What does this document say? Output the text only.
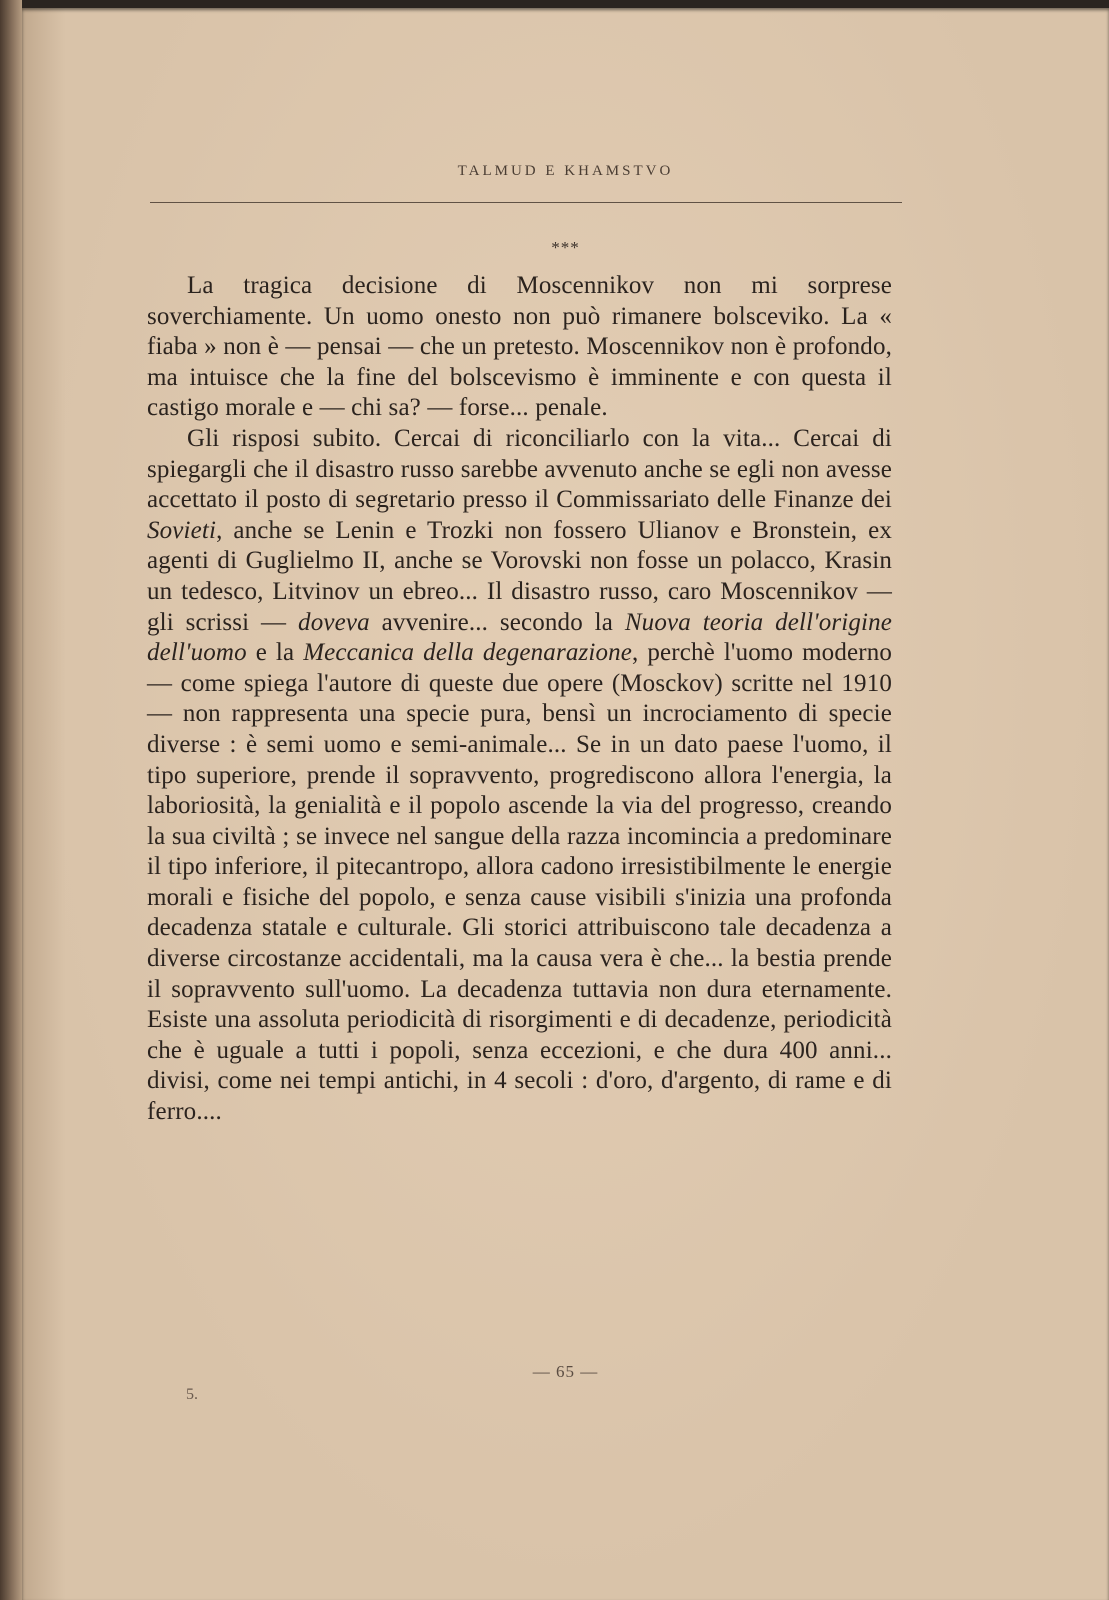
TALMUD E KHAMSTVO
***

La tragica decisione di Moscennikov non mi sorprese soverchiamente. Un uomo onesto non può rimanere bolsceviko. La « fiaba » non è — pensai — che un pretesto. Moscennikov non è profondo, ma intuisce che la fine del bolscevismo è imminente e con questa il castigo morale e — chi sa? — forse... penale.

Gli risposi subito. Cercai di riconciliarlo con la vita... Cercai di spiegargli che il disastro russo sarebbe avvenuto anche se egli non avesse accettato il posto di segretario presso il Commissariato delle Finanze dei Sovieti, anche se Lenin e Trozki non fossero Ulianov e Bronstein, ex agenti di Guglielmo II, anche se Vorovski non fosse un polacco, Krasin un tedesco, Litvinov un ebreo... Il disastro russo, caro Moscennikov — gli scrissi — doveva avvenire... secondo la Nuova teoria dell'origine dell'uomo e la Meccanica della degenarazione, perchè l'uomo moderno — come spiega l'autore di queste due opere (Mosckov) scritte nel 1910 — non rappresenta una specie pura, bensì un incrociamento di specie diverse : è semi uomo e semi-animale... Se in un dato paese l'uomo, il tipo superiore, prende il sopravvento, progrediscono allora l'energia, la laboriosità, la genialità e il popolo ascende la via del progresso, creando la sua civiltà ; se invece nel sangue della razza incomincia a predominare il tipo inferiore, il pitecantropo, allora cadono irresistibilmente le energie morali e fisiche del popolo, e senza cause visibili s'inizia una profonda decadenza statale e culturale. Gli storici attribuiscono tale decadenza a diverse circostanze accidentali, ma la causa vera è che... la bestia prende il sopravvento sull'uomo. La decadenza tuttavia non dura eternamente. Esiste una assoluta periodicità di risorgimenti e di decadenze, periodicità che è uguale a tutti i popoli, senza eccezioni, e che dura 400 anni... divisi, come nei tempi antichi, in 4 secoli : d'oro, d'argento, di rame e di ferro....

— 65 —
5.
